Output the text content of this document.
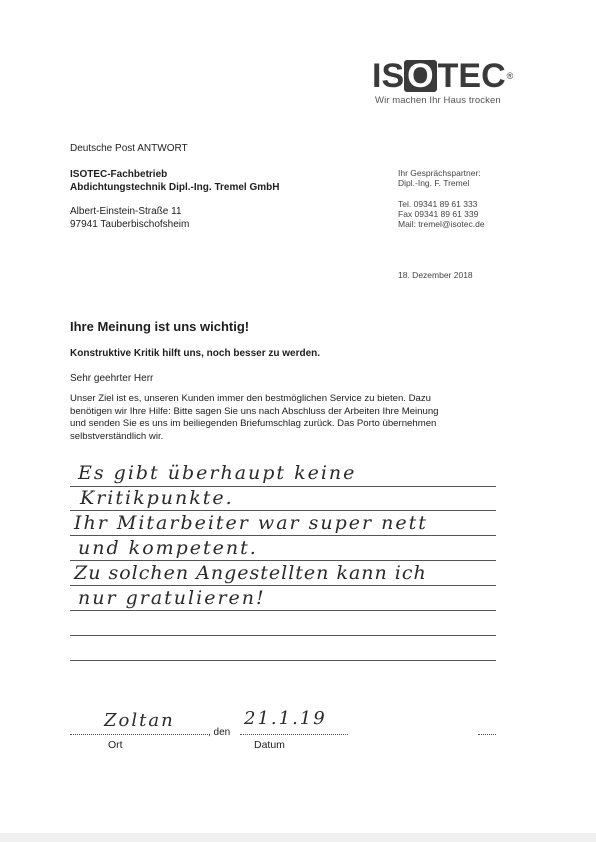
I S O T E C ®
Wir machen Ihr Haus trocken
Deutsche Post ANTWORT
ISOTEC-Fachbetrieb
Abdichtungstechnik Dipl.-Ing. Tremel GmbH
Albert-Einstein-Straße 11
97941 Tauberbischofsheim
Ihr Gesprächspartner:
Dipl.-Ing. F. Tremel
Tel. 09341 89 61 333
Fax 09341 89 61 339
Mail: tremel@isotec.de
18. Dezember 2018
Ihre Meinung ist uns wichtig!
Konstruktive Kritik hilft uns, noch besser zu werden.
Sehr geehrter Herr
Unser Ziel ist es, unseren Kunden immer den bestmöglichen Service zu bieten. Dazu
benötigen wir Ihre Hilfe: Bitte sagen Sie uns nach Abschluss der Arbeiten Ihre Meinung
und senden Sie es uns im beiliegenden Briefumschlag zurück. Das Porto übernehmen
selbstverständlich wir.
Es gibt überhaupt keine
Kritikpunkte.
Ihr Mitarbeiter war super nett
und kompetent.
Zu solchen Angestellten kann ich
nur gratulieren!
Zoltan
, den
21.1.19
Ort	Datum
